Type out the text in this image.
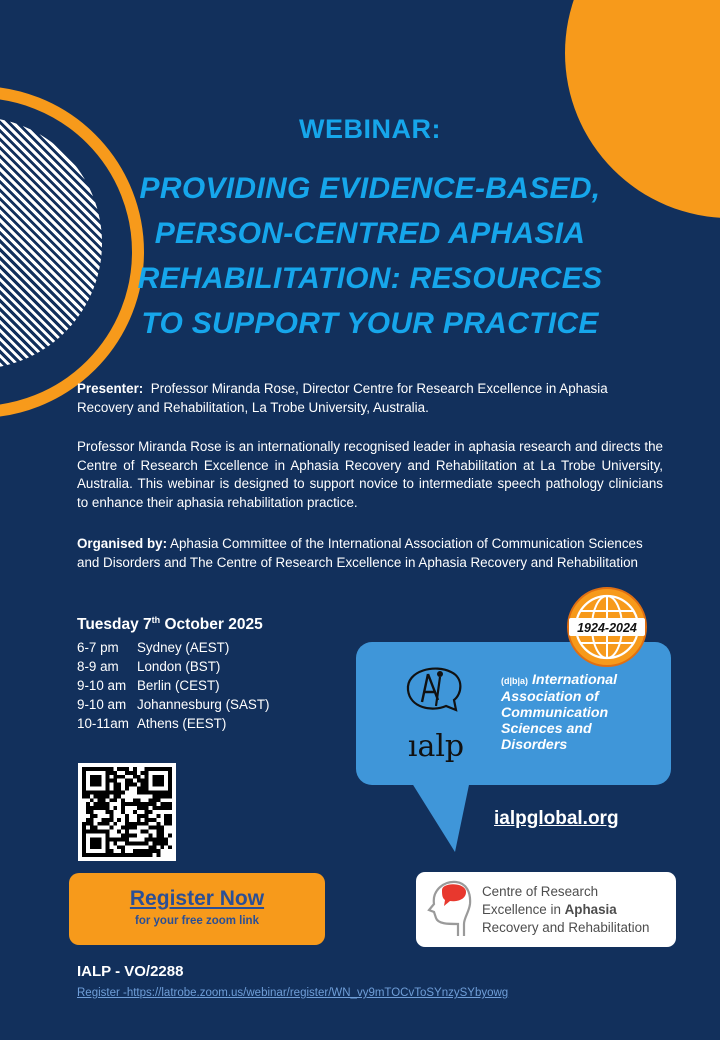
WEBINAR:
PROVIDING EVIDENCE-BASED,
PERSON-CENTRED APHASIA
REHABILITATION: RESOURCES
TO SUPPORT YOUR PRACTICE
Presenter: Professor Miranda Rose, Director Centre for Research Excellence in Aphasia Recovery and Rehabilitation, La Trobe University, Australia.
Professor Miranda Rose is an internationally recognised leader in aphasia research and directs the Centre of Research Excellence in Aphasia Recovery and Rehabilitation at La Trobe University, Australia. This webinar is designed to support novice to intermediate speech pathology clinicians to enhance their aphasia rehabilitation practice.
Organised by: Aphasia Committee of the International Association of Communication Sciences and Disorders and The Centre of Research Excellence in Aphasia Recovery and Rehabilitation
Tuesday 7th October 2025
6-7 pm Sydney (AEST)
8-9 am London (BST)
9-10 am Berlin (CEST)
9-10 am Johannesburg (SAST)
10-11am Athens (EEST)
Register Now
for your free zoom link
ıalp
(d|b|a) International Association of Communication Sciences and Disorders
1924-2024
ialpglobal.org
Centre of Research
Excellence in Aphasia
Recovery and Rehabilitation
IALP - VO/2288
Register -https://latrobe.zoom.us/webinar/register/WN_vy9mTOCvToSYnzySYbyowg
